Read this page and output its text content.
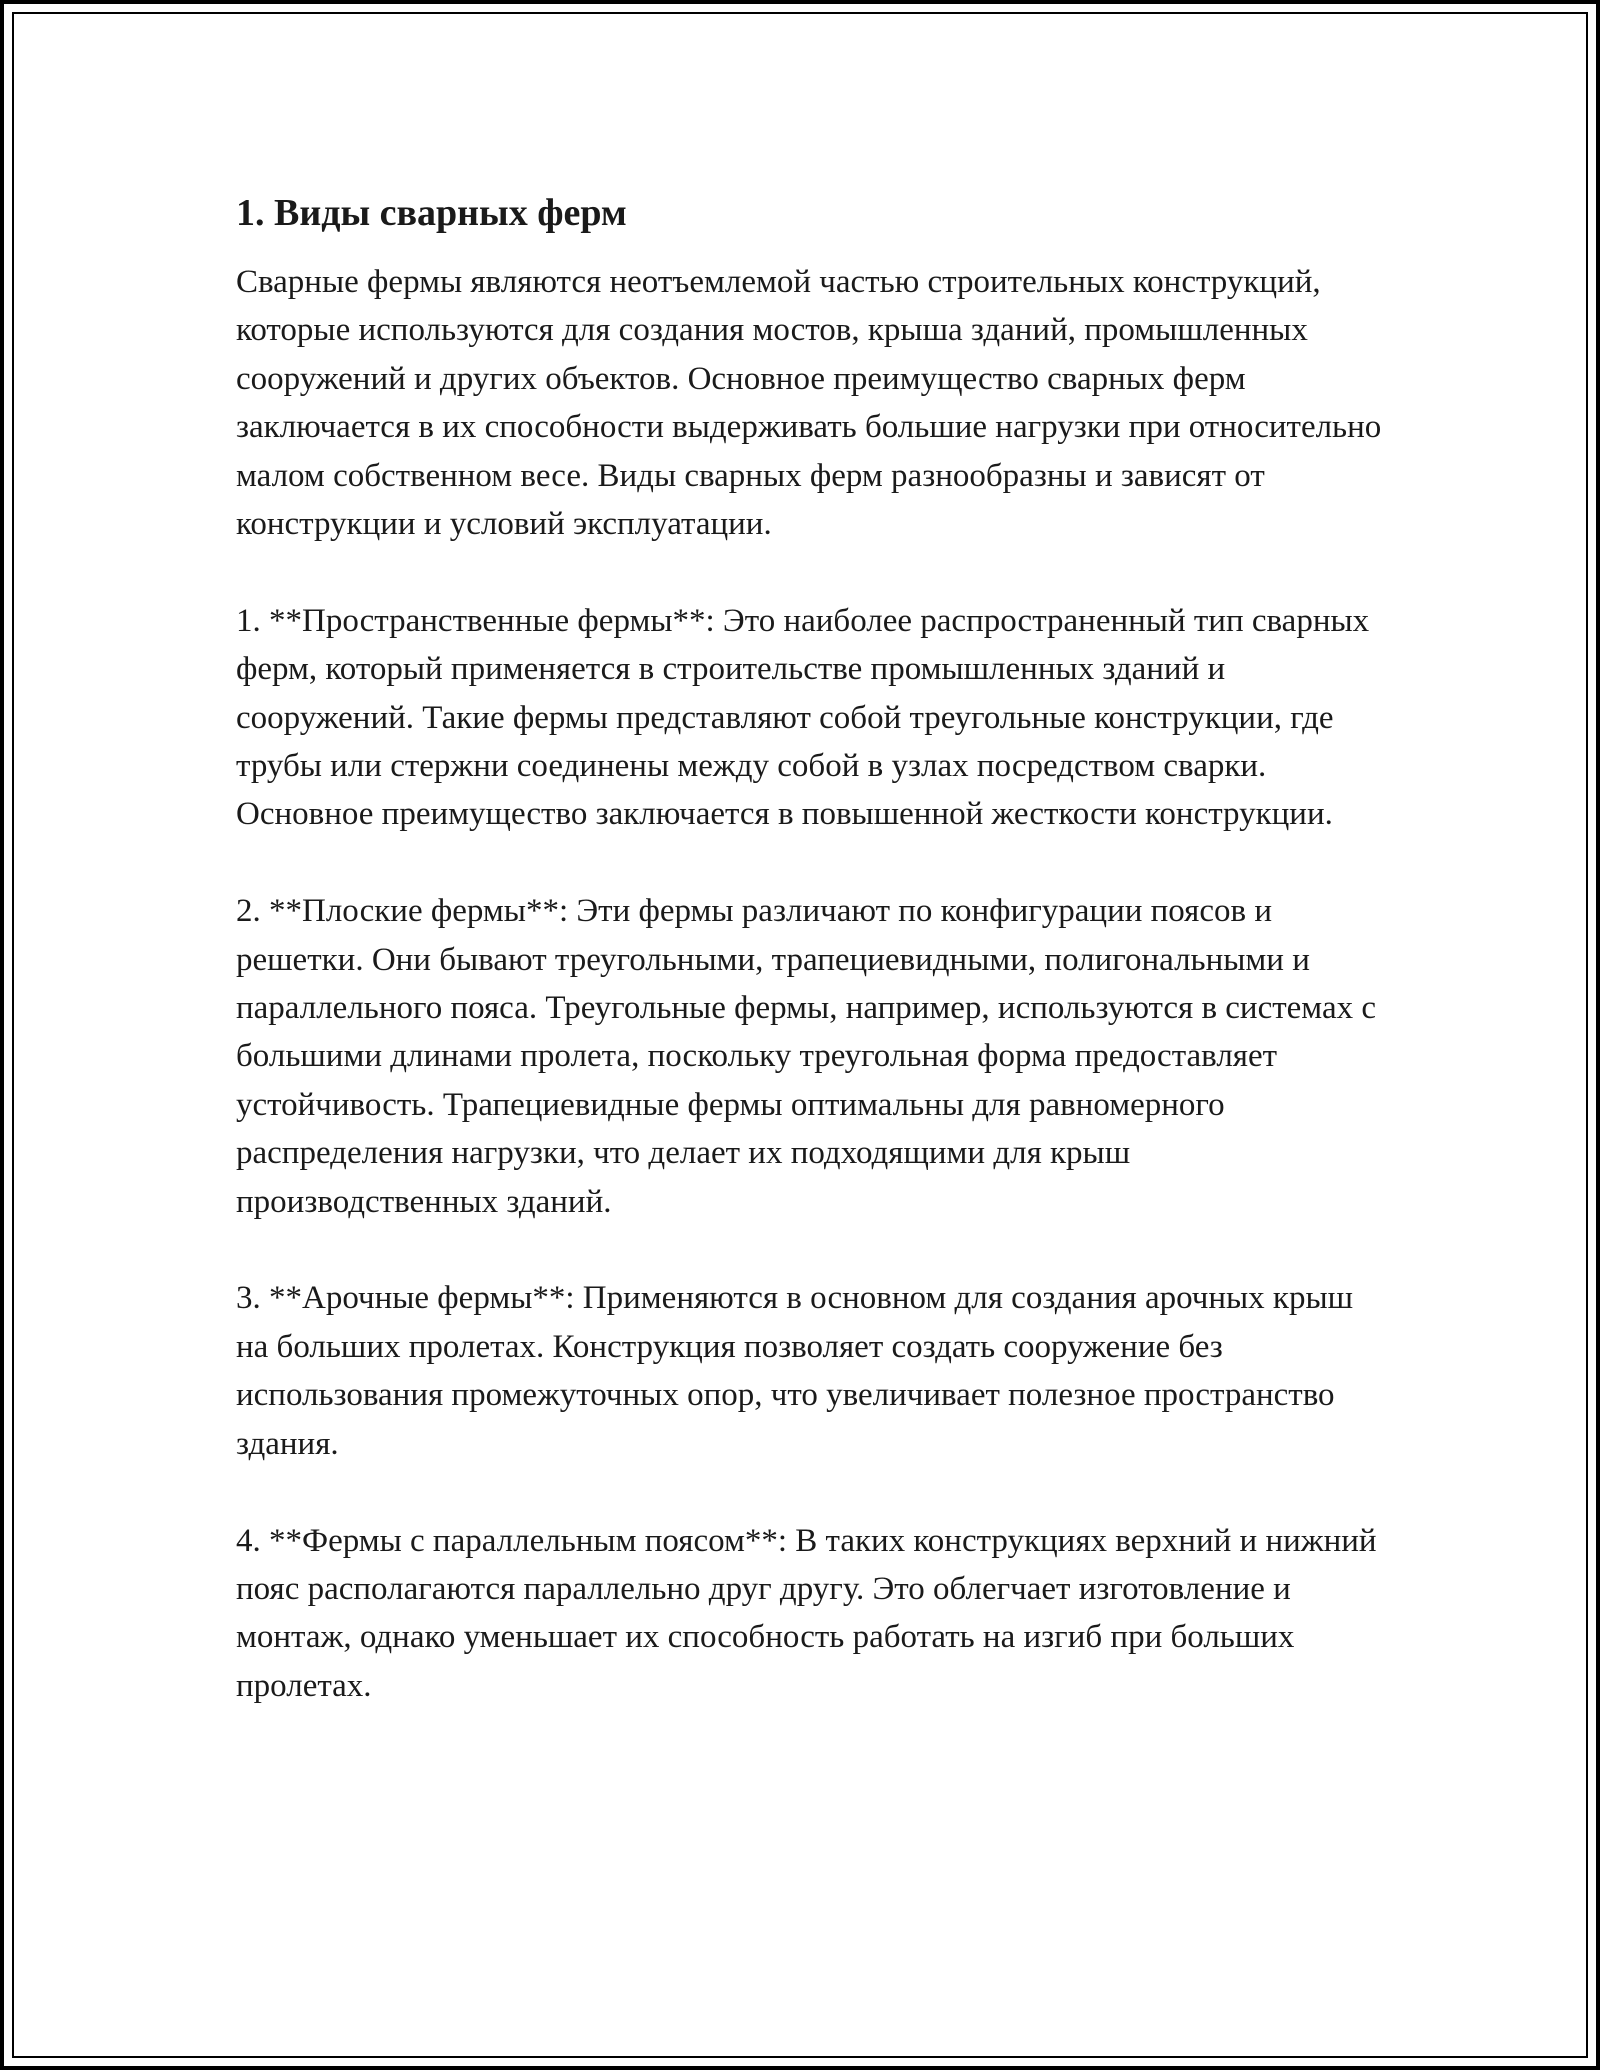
1. Виды сварных ферм

Сварные фермы являются неотъемлемой частью строительных конструкций, которые используются для создания мостов, крыша зданий, промышленных сооружений и других объектов. Основное преимущество сварных ферм заключается в их способности выдерживать большие нагрузки при относительно малом собственном весе. Виды сварных ферм разнообразны и зависят от конструкции и условий эксплуатации.

1. **Пространственные фермы**: Это наиболее распространенный тип сварных ферм, который применяется в строительстве промышленных зданий и сооружений. Такие фермы представляют собой треугольные конструкции, где трубы или стержни соединены между собой в узлах посредством сварки. Основное преимущество заключается в повышенной жесткости конструкции.

2. **Плоские фермы**: Эти фермы различают по конфигурации поясов и решетки. Они бывают треугольными, трапециевидными, полигональными и параллельного пояса. Треугольные фермы, например, используются в системах с большими длинами пролета, поскольку треугольная форма предоставляет устойчивость. Трапециевидные фермы оптимальны для равномерного распределения нагрузки, что делает их подходящими для крыш производственных зданий.

3. **Арочные фермы**: Применяются в основном для создания арочных крыш на больших пролетах. Конструкция позволяет создать сооружение без использования промежуточных опор, что увеличивает полезное пространство здания.

4. **Фермы с параллельным поясом**: В таких конструкциях верхний и нижний пояс располагаются параллельно друг другу. Это облегчает изготовление и монтаж, однако уменьшает их способность работать на изгиб при больших пролетах.
